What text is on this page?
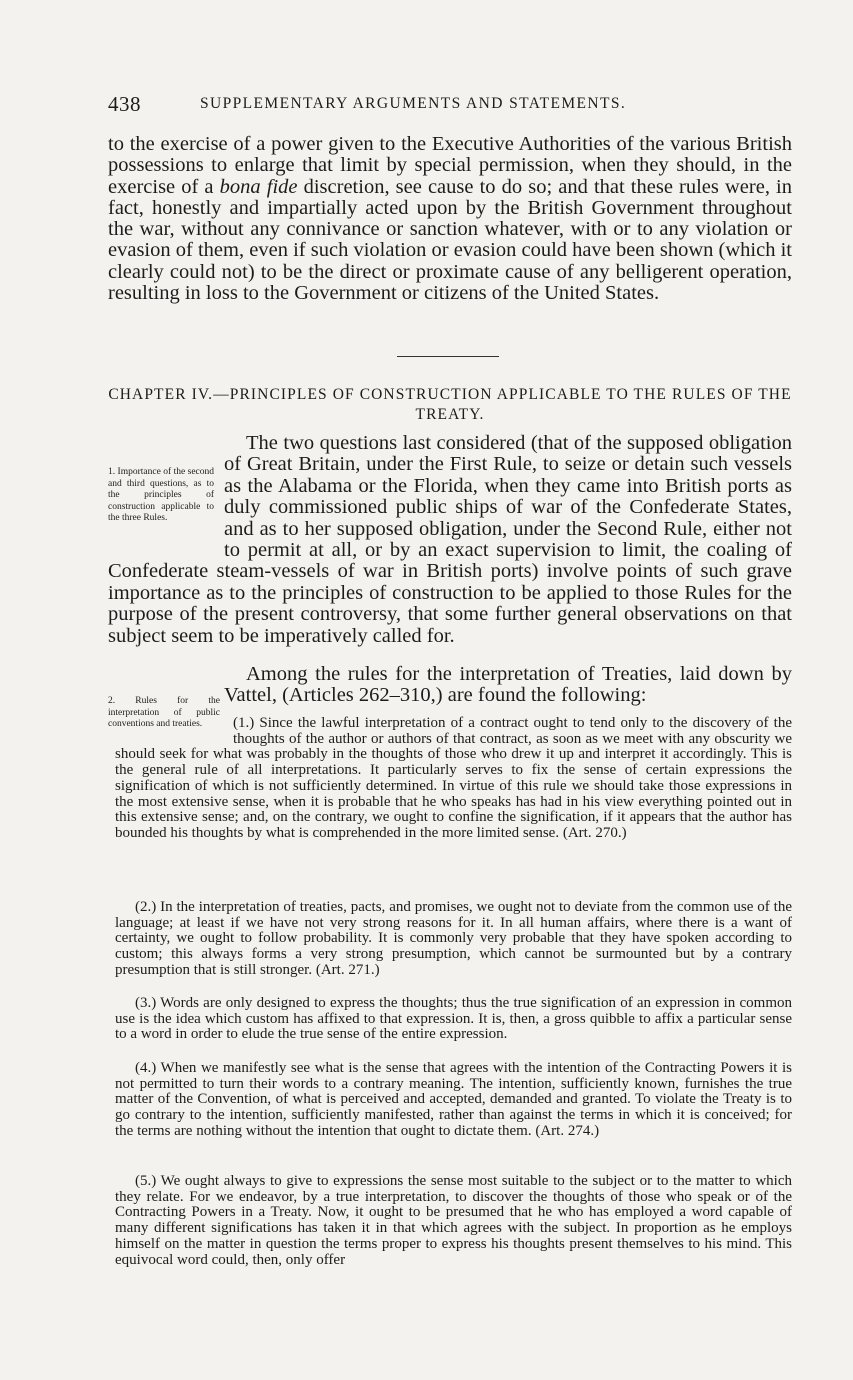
438	SUPPLEMENTARY ARGUMENTS AND STATEMENTS.

to the exercise of a power given to the Executive Authorities of the various British possessions to enlarge that limit by special permission, when they should, in the exercise of a bona fide discretion, see cause to do so; and that these rules were, in fact, honestly and impartially acted upon by the British Government throughout the war, without any connivance or sanction whatever, with or to any violation or evasion of them, even if such violation or evasion could have been shown (which it clearly could not) to be the direct or proximate cause of any belligerent operation, resulting in loss to the Government or citizens of the United States.

CHAPTER IV.—PRINCIPLES OF CONSTRUCTION APPLICABLE TO THE RULES OF THE TREATY.

1. Importance of the second and third questions, as to the principles of construction applicable to the three Rules.

The two questions last considered (that of the supposed obligation of Great Britain, under the First Rule, to seize or detain such vessels as the Alabama or the Florida, when they came into British ports as duly commissioned public ships of war of the Confederate States, and as to her supposed obligation, under the Second Rule, either not to permit at all, or by an exact supervision to limit, the coaling of Confederate steam-vessels of war in British ports) involve points of such grave importance as to the principles of construction to be applied to those Rules for the purpose of the present controversy, that some further general observations on that subject seem to be imperatively called for.

2. Rules for the interpretation of public conventions and treaties.

Among the rules for the interpretation of Treaties, laid down by Vattel, (Articles 262–310,) are found the following:

(1.) Since the lawful interpretation of a contract ought to tend only to the discovery of the thoughts of the author or authors of that contract, as soon as we meet with any obscurity we should seek for what was probably in the thoughts of those who drew it up and interpret it accordingly. This is the general rule of all interpretations. It particularly serves to fix the sense of certain expressions the signification of which is not sufficiently determined. In virtue of this rule we should take those expressions in the most extensive sense, when it is probable that he who speaks has had in his view everything pointed out in this extensive sense; and, on the contrary, we ought to confine the signification, if it appears that the author has bounded his thoughts by what is comprehended in the more limited sense. (Art. 270.)

(2.) In the interpretation of treaties, pacts, and promises, we ought not to deviate from the common use of the language; at least if we have not very strong reasons for it. In all human affairs, where there is a want of certainty, we ought to follow probability. It is commonly very probable that they have spoken according to custom; this always forms a very strong presumption, which cannot be surmounted but by a contrary presumption that is still stronger. (Art. 271.)

(3.) Words are only designed to express the thoughts; thus the true signification of an expression in common use is the idea which custom has affixed to that expression. It is, then, a gross quibble to affix a particular sense to a word in order to elude the true sense of the entire expression.

(4.) When we manifestly see what is the sense that agrees with the intention of the Contracting Powers it is not permitted to turn their words to a contrary meaning. The intention, sufficiently known, furnishes the true matter of the Convention, of what is perceived and accepted, demanded and granted. To violate the Treaty is to go contrary to the intention, sufficiently manifested, rather than against the terms in which it is conceived; for the terms are nothing without the intention that ought to dictate them. (Art. 274.)

(5.) We ought always to give to expressions the sense most suitable to the subject or to the matter to which they relate. For we endeavor, by a true interpretation, to discover the thoughts of those who speak or of the Contracting Powers in a Treaty. Now, it ought to be presumed that he who has employed a word capable of many different significations has taken it in that which agrees with the subject. In proportion as he employs himself on the matter in question the terms proper to express his thoughts present themselves to his mind. This equivocal word could, then, only offer
